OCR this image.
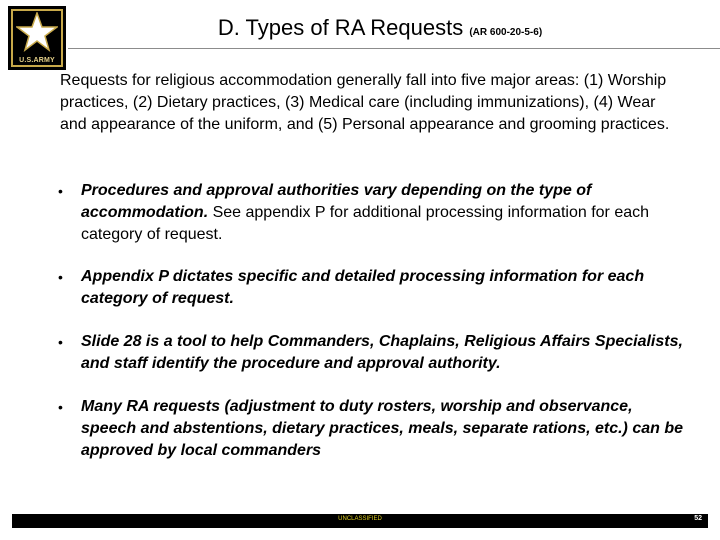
U.S.ARMY
D. Types of RA Requests (AR 600-20-5-6)
Requests for religious accommodation generally fall into five major areas: (1) Worship practices, (2) Dietary practices, (3) Medical care (including immunizations), (4) Wear and appearance of the uniform, and (5) Personal appearance and grooming practices.
• Procedures and approval authorities vary depending on the type of accommodation. See appendix P for additional processing information for each category of request.
• Appendix P dictates specific and detailed processing information for each category of request.
• Slide 28 is a tool to help Commanders, Chaplains, Religious Affairs Specialists, and staff identify the procedure and approval authority.
• Many RA requests (adjustment to duty rosters, worship and observance, speech and abstentions, dietary practices, meals, separate rations, etc.) can be approved by local commanders
UNCLASSIFIED	52
